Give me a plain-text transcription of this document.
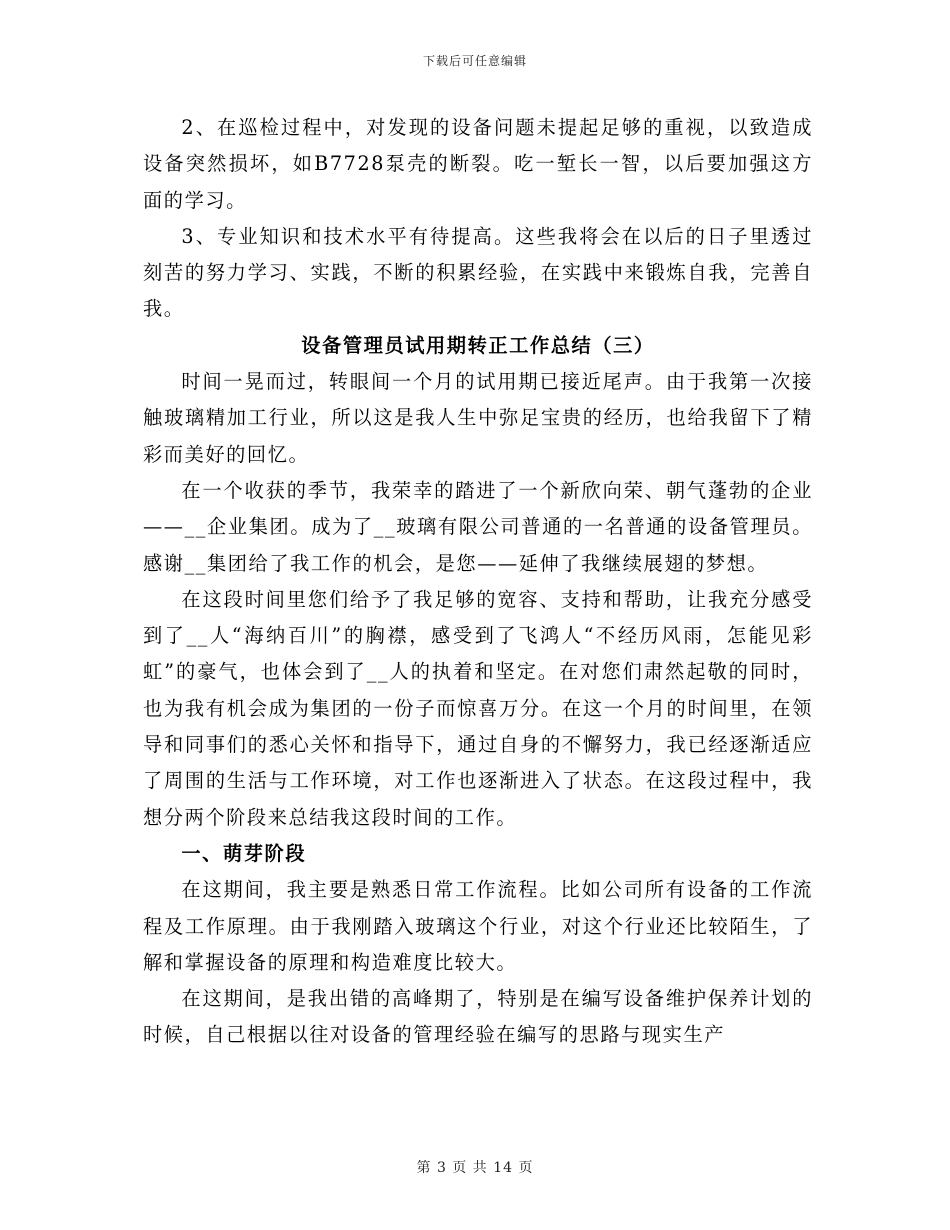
下载后可任意编辑

2、在巡检过程中，对发现的设备问题未提起足够的重视，以致造成设备突然损坏，如B7728泵壳的断裂。吃一堑长一智，以后要加强这方面的学习。

3、专业知识和技术水平有待提高。这些我将会在以后的日子里透过刻苦的努力学习、实践，不断的积累经验，在实践中来锻炼自我，完善自我。

设备管理员试用期转正工作总结（三）

时间一晃而过，转眼间一个月的试用期已接近尾声。由于我第一次接触玻璃精加工行业，所以这是我人生中弥足宝贵的经历，也给我留下了精彩而美好的回忆。

在一个收获的季节，我荣幸的踏进了一个新欣向荣、朝气蓬勃的企业——__企业集团。成为了__玻璃有限公司普通的一名普通的设备管理员。感谢__集团给了我工作的机会，是您——延伸了我继续展翅的梦想。

在这段时间里您们给予了我足够的宽容、支持和帮助，让我充分感受到了__人“海纳百川”的胸襟，感受到了飞鸿人“不经历风雨，怎能见彩虹”的豪气，也体会到了__人的执着和坚定。在对您们肃然起敬的同时，也为我有机会成为集团的一份子而惊喜万分。在这一个月的时间里，在领导和同事们的悉心关怀和指导下，通过自身的不懈努力，我已经逐渐适应了周围的生活与工作环境，对工作也逐渐进入了状态。在这段过程中，我想分两个阶段来总结我这段时间的工作。

一、萌芽阶段

在这期间，我主要是熟悉日常工作流程。比如公司所有设备的工作流程及工作原理。由于我刚踏入玻璃这个行业，对这个行业还比较陌生，了解和掌握设备的原理和构造难度比较大。

在这期间，是我出错的高峰期了，特别是在编写设备维护保养计划的时候，自己根据以往对设备的管理经验在编写的思路与现实生产

第 3 页 共 14 页
